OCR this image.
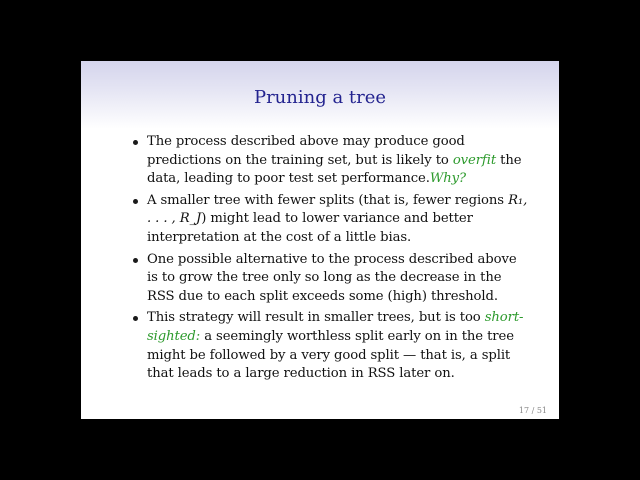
Pruning a tree
The process described above may produce good predictions on the training set, but is likely to overfit the data, leading to poor test set performance.Why?
A smaller tree with fewer splits (that is, fewer regions R₁, . . . , R_J) might lead to lower variance and better interpretation at the cost of a little bias.
One possible alternative to the process described above is to grow the tree only so long as the decrease in the RSS due to each split exceeds some (high) threshold.
This strategy will result in smaller trees, but is too short-sighted: a seemingly worthless split early on in the tree might be followed by a very good split — that is, a split that leads to a large reduction in RSS later on.
17 / 51
